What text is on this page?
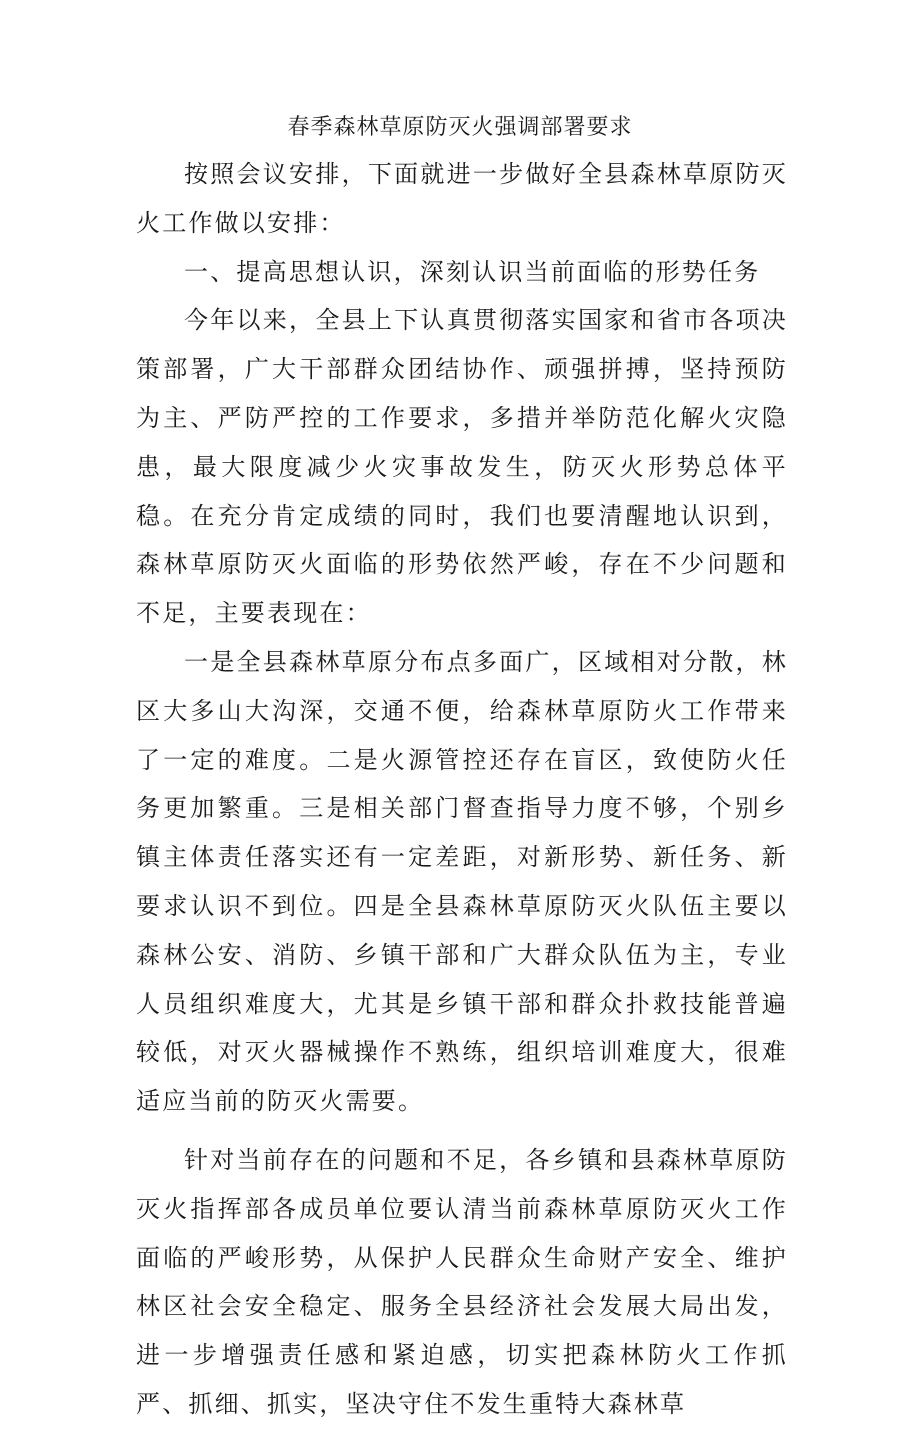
春季森林草原防灭火强调部署要求

按照会议安排，下面就进一步做好全县森林草原防灭火工作做以安排：

一、提高思想认识，深刻认识当前面临的形势任务

今年以来，全县上下认真贯彻落实国家和省市各项决策部署，广大干部群众团结协作、顽强拼搏，坚持预防为主、严防严控的工作要求，多措并举防范化解火灾隐患，最大限度减少火灾事故发生，防灭火形势总体平稳。在充分肯定成绩的同时，我们也要清醒地认识到，森林草原防灭火面临的形势依然严峻，存在不少问题和不足，主要表现在：

一是全县森林草原分布点多面广，区域相对分散，林区大多山大沟深，交通不便，给森林草原防火工作带来了一定的难度。二是火源管控还存在盲区，致使防火任务更加繁重。三是相关部门督查指导力度不够，个别乡镇主体责任落实还有一定差距，对新形势、新任务、新要求认识不到位。四是全县森林草原防灭火队伍主要以森林公安、消防、乡镇干部和广大群众队伍为主，专业人员组织难度大，尤其是乡镇干部和群众扑救技能普遍较低，对灭火器械操作不熟练，组织培训难度大，很难适应当前的防灭火需要。

针对当前存在的问题和不足，各乡镇和县森林草原防灭火指挥部各成员单位要认清当前森林草原防灭火工作面临的严峻形势，从保护人民群众生命财产安全、维护林区社会安全稳定、服务全县经济社会发展大局出发，进一步增强责任感和紧迫感，切实把森林防火工作抓严、抓细、抓实，坚决守住不发生重特大森林草
